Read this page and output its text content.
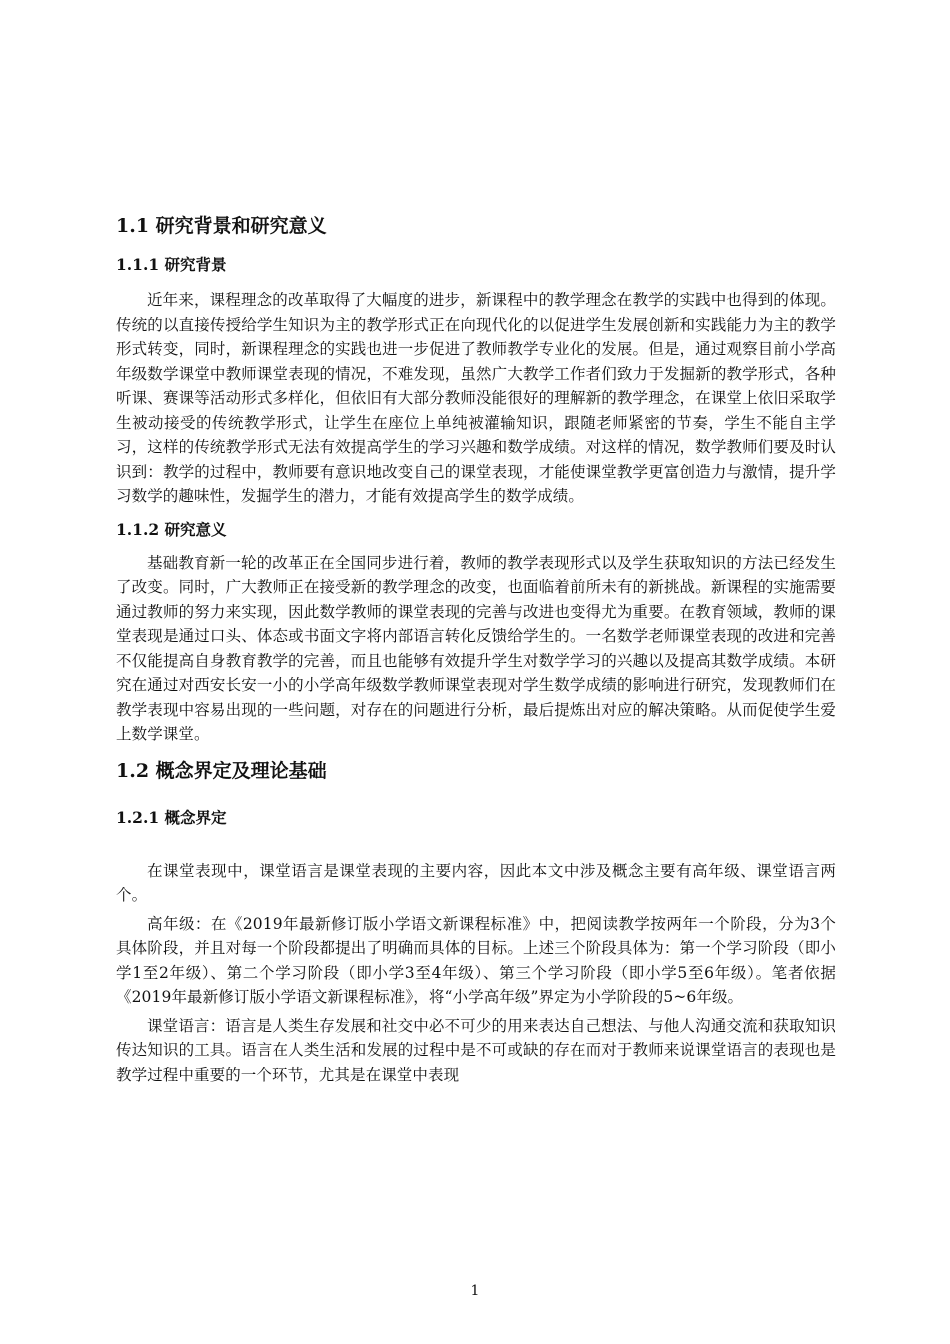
1.1 研究背景和研究意义
1.1.1 研究背景

近年来，课程理念的改革取得了大幅度的进步，新课程中的教学理念在教学的实践中也得到的体现。传统的以直接传授给学生知识为主的教学形式正在向现代化的以促进学生发展创新和实践能力为主的教学形式转变，同时，新课程理念的实践也进一步促进了教师教学专业化的发展。但是，通过观察目前小学高年级数学课堂中教师课堂表现的情况，不难发现，虽然广大教学工作者们致力于发掘新的教学形式，各种听课、赛课等活动形式多样化，但依旧有大部分教师没能很好的理解新的教学理念，在课堂上依旧采取学生被动接受的传统教学形式，让学生在座位上单纯被灌输知识，跟随老师紧密的节奏，学生不能自主学习，这样的传统教学形式无法有效提高学生的学习兴趣和数学成绩。对这样的情况，数学教师们要及时认识到：教学的过程中，教师要有意识地改变自己的课堂表现，才能使课堂教学更富创造力与激情，提升学习数学的趣味性，发掘学生的潜力，才能有效提高学生的数学成绩。

1.1.2 研究意义

基础教育新一轮的改革正在全国同步进行着，教师的教学表现形式以及学生获取知识的方法已经发生了改变。同时，广大教师正在接受新的教学理念的改变，也面临着前所未有的新挑战。新课程的实施需要通过教师的努力来实现，因此数学教师的课堂表现的完善与改进也变得尤为重要。在教育领域，教师的课堂表现是通过口头、体态或书面文字将内部语言转化反馈给学生的。一名数学老师课堂表现的改进和完善不仅能提高自身教育教学的完善，而且也能够有效提升学生对数学学习的兴趣以及提高其数学成绩。本研究在通过对西安长安一小的小学高年级数学教师课堂表现对学生数学成绩的影响进行研究，发现教师们在教学表现中容易出现的一些问题，对存在的问题进行分析，最后提炼出对应的解决策略。从而促使学生爱上数学课堂。

1.2 概念界定及理论基础
1.2.1 概念界定

在课堂表现中，课堂语言是课堂表现的主要内容，因此本文中涉及概念主要有高年级、课堂语言两个。

高年级：在《2019年最新修订版小学语文新课程标准》中，把阅读教学按两年一个阶段，分为3个具体阶段，并且对每一个阶段都提出了明确而具体的目标。上述三个阶段具体为：第一个学习阶段（即小学1至2年级）、第二个学习阶段（即小学3至4年级）、第三个学习阶段（即小学5至6年级）。笔者依据《2019年最新修订版小学语文新课程标准》，将“小学高年级”界定为小学阶段的5~6年级。

课堂语言：语言是人类生存发展和社交中必不可少的用来表达自己想法、与他人沟通交流和获取知识传达知识的工具。语言在人类生活和发展的过程中是不可或缺的存在而对于教师来说课堂语言的表现也是教学过程中重要的一个环节，尤其是在课堂中表现

1
